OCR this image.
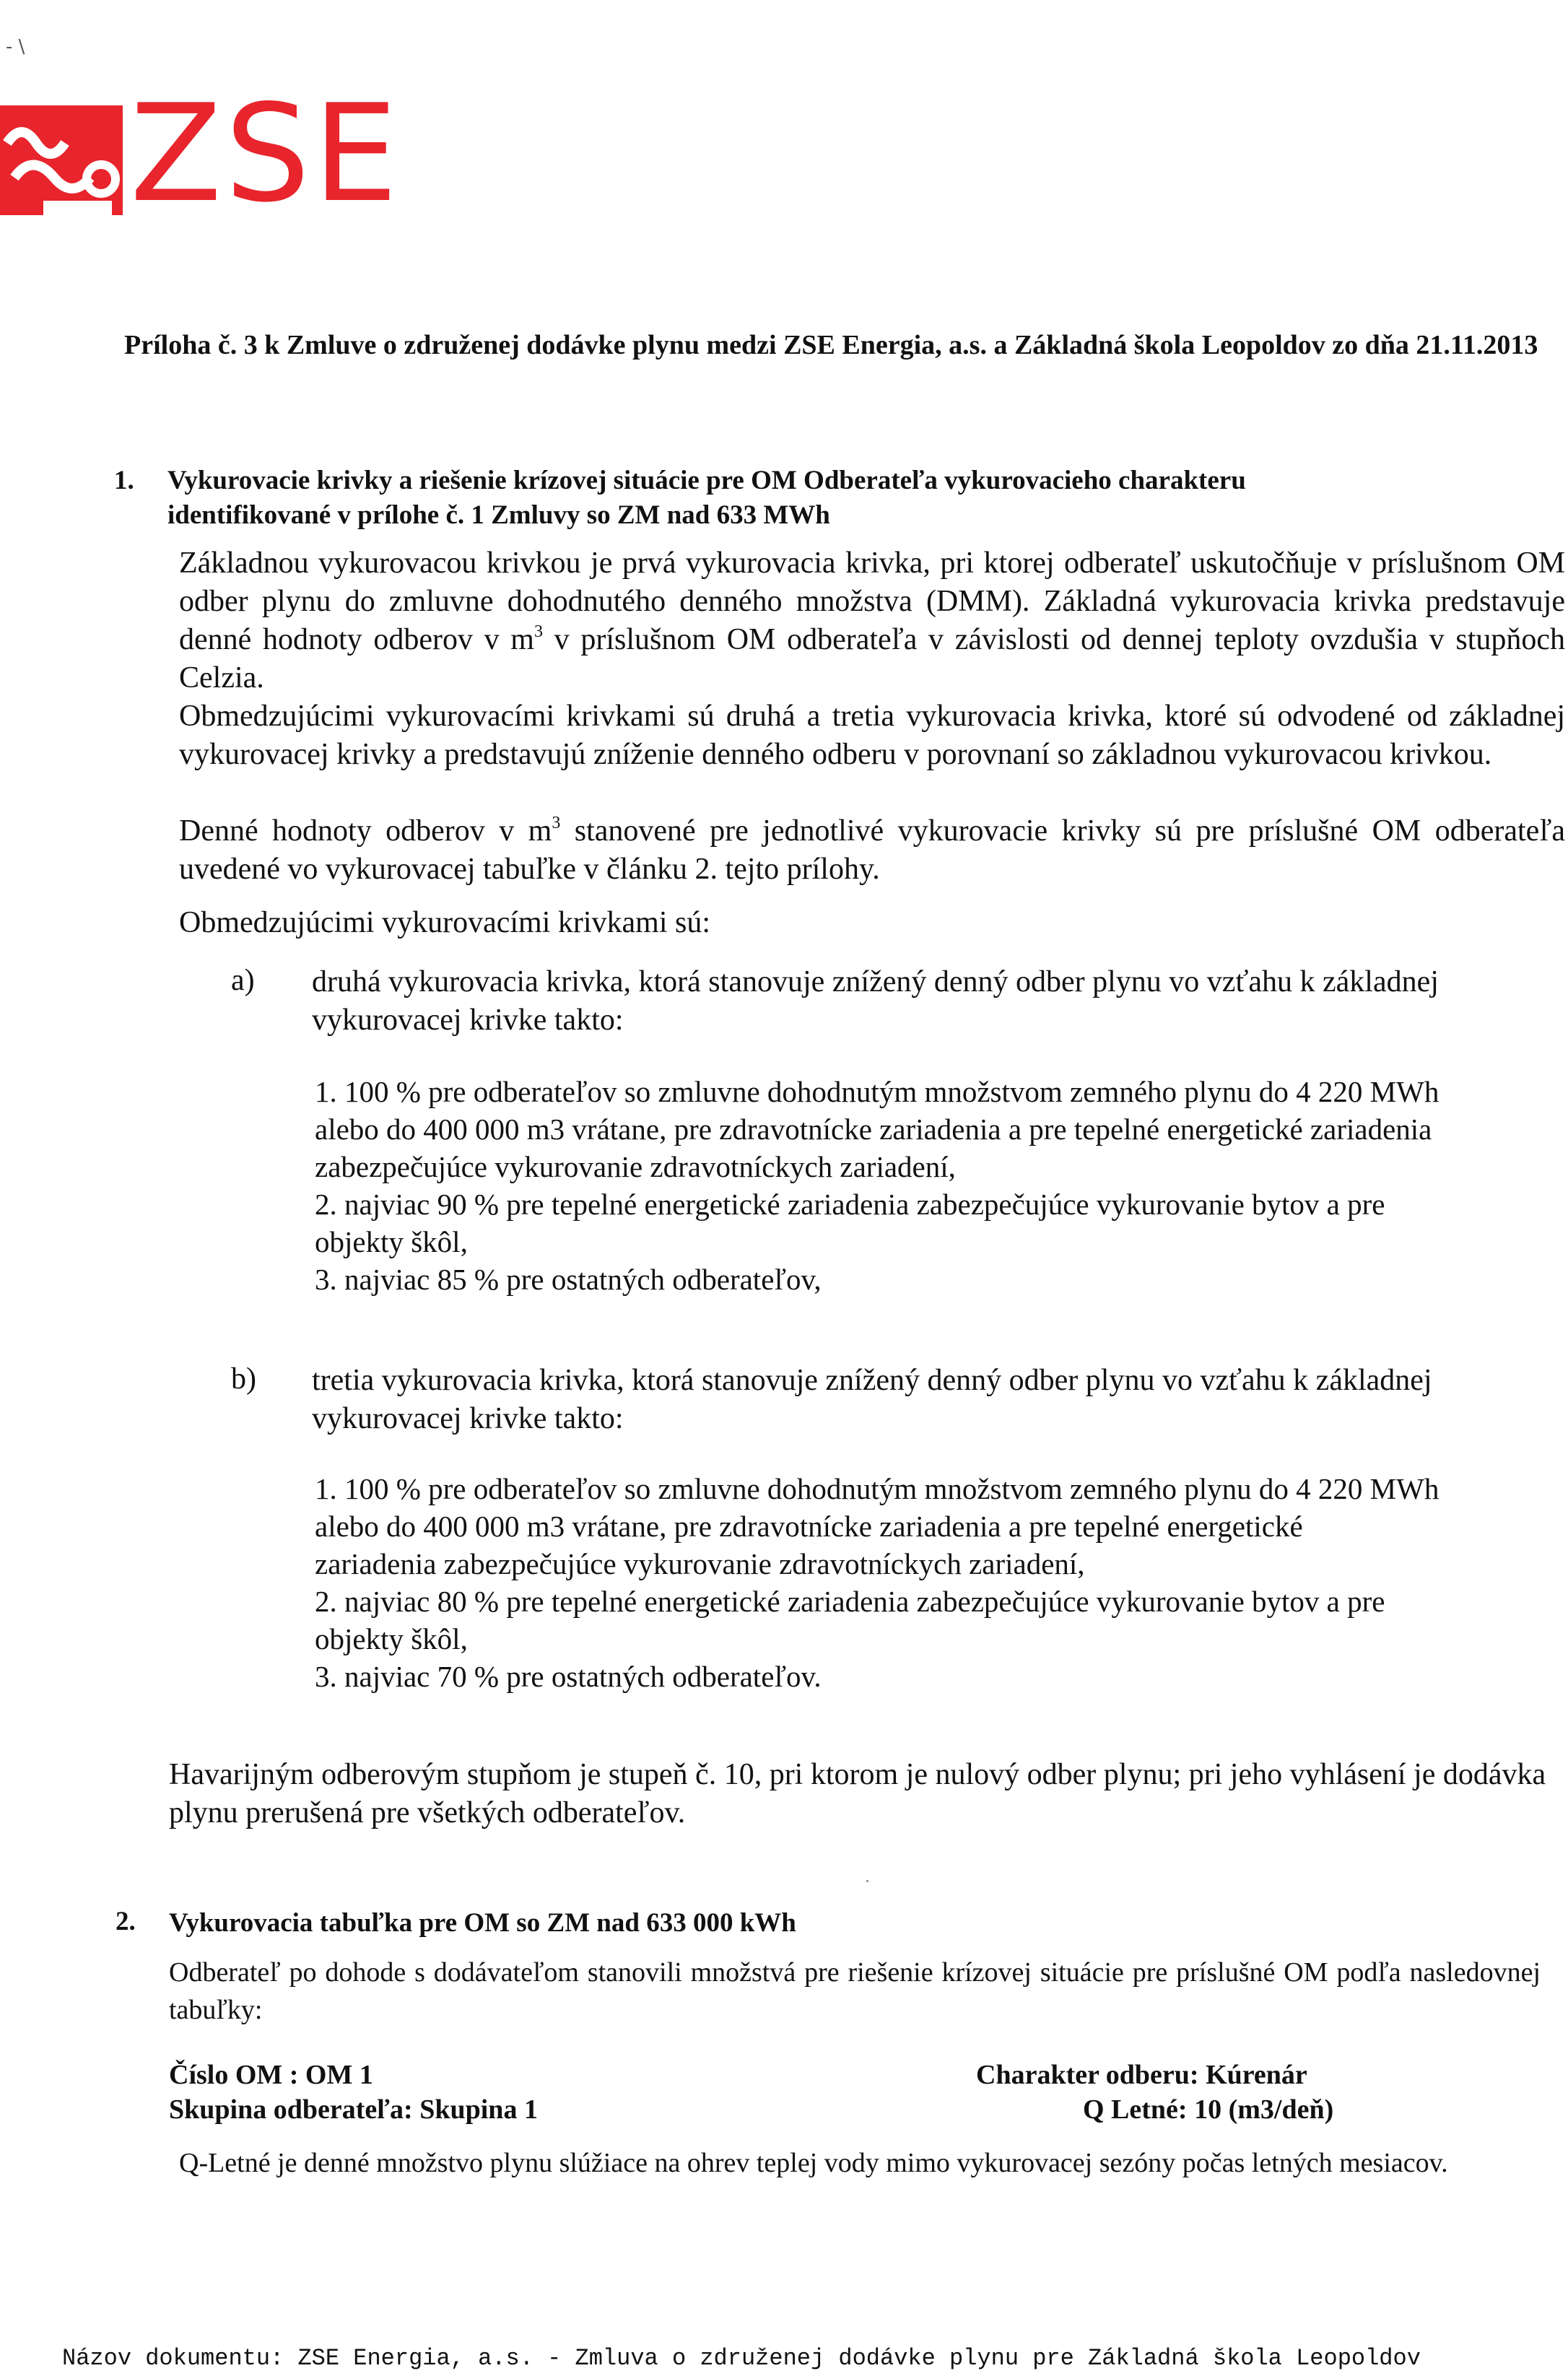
- \
ZSE
Príloha č. 3 k Zmluve o združenej dodávke plynu medzi ZSE Energia, a.s. a Základná škola Leopoldov zo dňa 21.11.2013
1. Vykurovacie krivky a riešenie krízovej situácie pre OM Odberateľa vykurovacieho charakteru identifikované v prílohe č. 1 Zmluvy so ZM nad 633 MWh
Základnou vykurovacou krivkou je prvá vykurovacia krivka, pri ktorej odberateľ uskutočňuje v príslušnom OM odber plynu do zmluvne dohodnutého denného množstva (DMM). Základná vykurovacia krivka predstavuje denné hodnoty odberov v $m^3$ v príslušnom OM odberateľa v závislosti od dennej teploty ovzdušia v stupňoch Celzia.
Obmedzujúcimi vykurovacími krivkami sú druhá a tretia vykurovacia krivka, ktoré sú odvodené od základnej vykurovacej krivky a predstavujú zníženie denného odberu v porovnaní so základnou vykurovacou krivkou.
Denné hodnoty odberov v $m^3$ stanovené pre jednotlivé vykurovacie krivky sú pre príslušné OM odberateľa uvedené vo vykurovacej tabuľke v článku 2. tejto prílohy.
Obmedzujúcimi vykurovacími krivkami sú:
a) druhá vykurovacia krivka, ktorá stanovuje znížený denný odber plynu vo vzťahu k základnej vykurovacej krivke takto:
1. 100 % pre odberateľov so zmluvne dohodnutým množstvom zemného plynu do 4 220 MWh
alebo do 400 000 m3 vrátane, pre zdravotnícke zariadenia a pre tepelné energetické zariadenia
zabezpečujúce vykurovanie zdravotníckych zariadení,
2. najviac 90 % pre tepelné energetické zariadenia zabezpečujúce vykurovanie bytov a pre
objekty škôl,
3. najviac 85 % pre ostatných odberateľov,
b) tretia vykurovacia krivka, ktorá stanovuje znížený denný odber plynu vo vzťahu k základnej vykurovacej krivke takto:
1. 100 % pre odberateľov so zmluvne dohodnutým množstvom zemného plynu do 4 220 MWh
alebo do 400 000 m3 vrátane, pre zdravotnícke zariadenia a pre tepelné energetické
zariadenia zabezpečujúce vykurovanie zdravotníckych zariadení,
2. najviac 80 % pre tepelné energetické zariadenia zabezpečujúce vykurovanie bytov a pre
objekty škôl,
3. najviac 70 % pre ostatných odberateľov.
Havarijným odberovým stupňom je stupeň č. 10, pri ktorom je nulový odber plynu; pri jeho vyhlásení je dodávka plynu prerušená pre všetkých odberateľov.
2. Vykurovacia tabuľka pre OM so ZM nad 633 000 kWh
Odberateľ po dohode s dodávateľom stanovili množstvá pre riešenie krízovej situácie pre príslušné OM podľa nasledovnej tabuľky:
Číslo OM : OM 1	Charakter odberu: Kúrenár
Skupina odberateľa: Skupina 1	Q Letné: 10 (m3/deň)
Q-Letné je denné množstvo plynu slúžiace na ohrev teplej vody mimo vykurovacej sezóny počas letných mesiacov.
Názov dokumentu: ZSE Energia, a.s. - Zmluva o združenej dodávke plynu pre Základná škola Leopoldov
